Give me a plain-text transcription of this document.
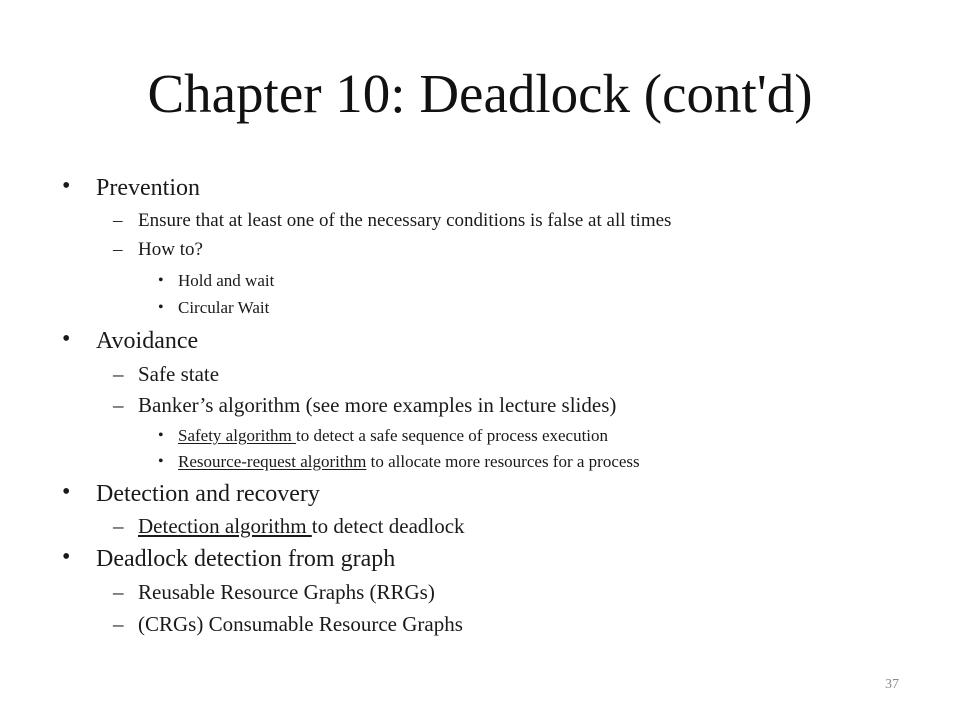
Chapter 10: Deadlock (cont'd)
• Prevention
– Ensure that at least one of the necessary conditions is false at all times
– How to?
• Hold and wait
• Circular Wait
• Avoidance
– Safe state
– Banker’s algorithm (see more examples in lecture slides)
• Safety algorithm to detect a safe sequence of process execution
• Resource-request algorithm to allocate more resources for a process
• Detection and recovery
– Detection algorithm to detect deadlock
• Deadlock detection from graph
– Reusable Resource Graphs (RRGs)
– (CRGs) Consumable Resource Graphs
37
